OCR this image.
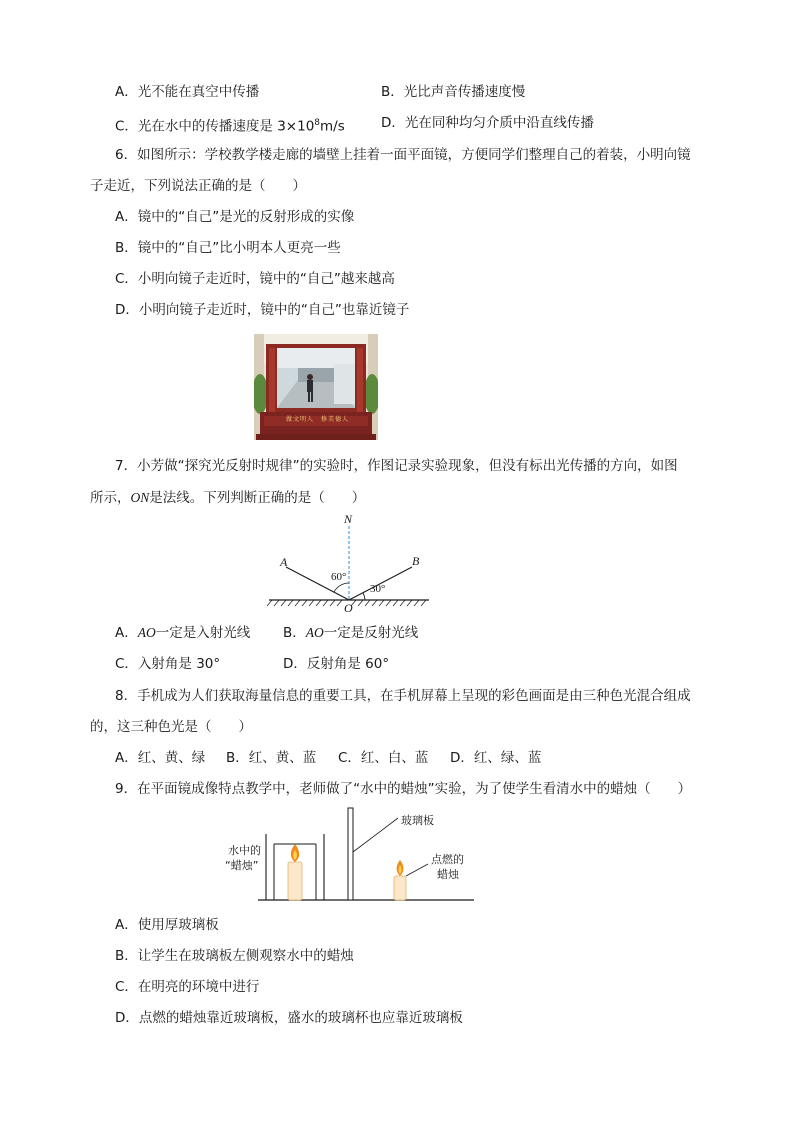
A．光不能在真空中传播	B．光比声音传播速度慢
C．光在水中的传播速度是 $3\times 10^8m/s$	D．光在同种均匀介质中沿直线传播
6．如图所示：学校教学楼走廊的墙壁上挂着一面平面镜，方便同学们整理自己的着装，小明向镜
子走近，下列说法正确的是（　　）
A．镜中的“自己”是光的反射形成的实像
B．镜中的“自己”比小明本人更亮一些
C．小明向镜子走近时，镜中的“自己”越来越高
D．小明向镜子走近时，镜中的“自己”也靠近镜子
做文明人　修美德人
7．小芳做“探究光反射时规律”的实验时，作图记录实验现象，但没有标出光传播的方向，如图
所示，ON是法线。下列判断正确的是（　　）
N
A	B
O
60°
30°
A．AO一定是入射光线 B．AO一定是反射光线
C．入射角是 30°	D．反射角是 60°
8．手机成为人们获取海量信息的重要工具，在手机屏幕上呈现的彩色画面是由三种色光混合组成
的，这三种色光是（　　）
A．红、黄、绿 B．红、黄、蓝 C．红、白、蓝 D．红、绿、蓝
9．在平面镜成像特点教学中，老师做了“水中的蜡烛”实验，为了使学生看清水中的蜡烛（　　）
水中的
“蜡烛”
玻璃板
点燃的
蜡烛
A．使用厚玻璃板
B．让学生在玻璃板左侧观察水中的蜡烛
C．在明亮的环境中进行
D．点燃的蜡烛靠近玻璃板，盛水的玻璃杯也应靠近玻璃板
